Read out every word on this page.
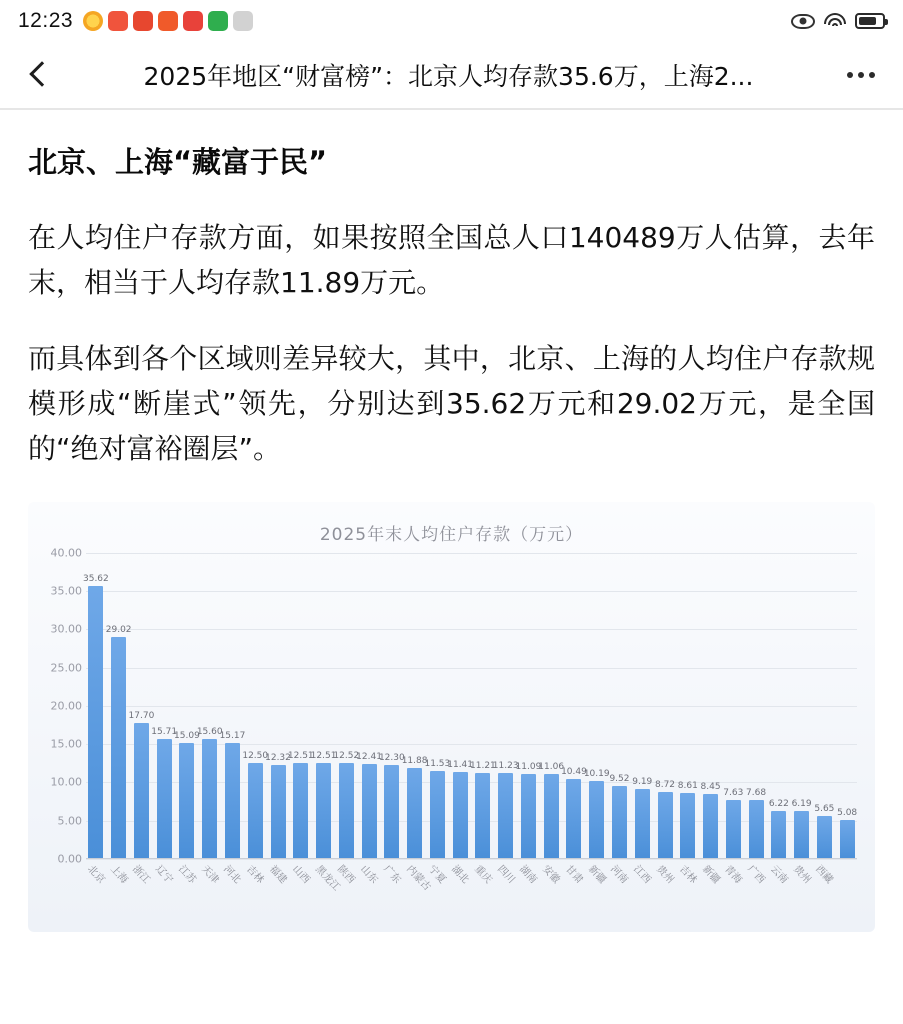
12:23
2025年地区“财富榜”：北京人均存款35.6万，上海2...
北京、上海“藏富于民”
在人均住户存款方面，如果按照全国总人口140489万人估算，去年末，相当于人均存款11.89万元。
而具体到各个区域则差异较大，其中，北京、上海的人均住户存款规模形成“断崖式”领先，分别达到35.62万元和29.02万元，是全国的“绝对富裕圈层”。
2025年末人均住户存款（万元）
0.00
5.00
10.00
15.00
20.00
25.00
30.00
35.00
40.00
35.62
29.02
17.70
15.71
15.09
15.60
15.17
12.50
12.32
12.51
12.51
12.52
12.41
12.30
11.88
11.53
11.41
11.21
11.23
11.09
11.06
10.49
10.19
9.52 9.19 8.72 8.61 8.45
7.63 7.68
6.22 6.19 5.65 5.08
北京 上海 浙江 辽宁 江苏 天津 河北 吉林 福建 山西 黑龙江
陕西 山东 广东 内蒙古
宁夏 湖北 重庆 四川 湖南 安徽 甘肃 新疆 河南 江西 贵州 吉林 新疆 青海 广西 云南 贵州 西藏
